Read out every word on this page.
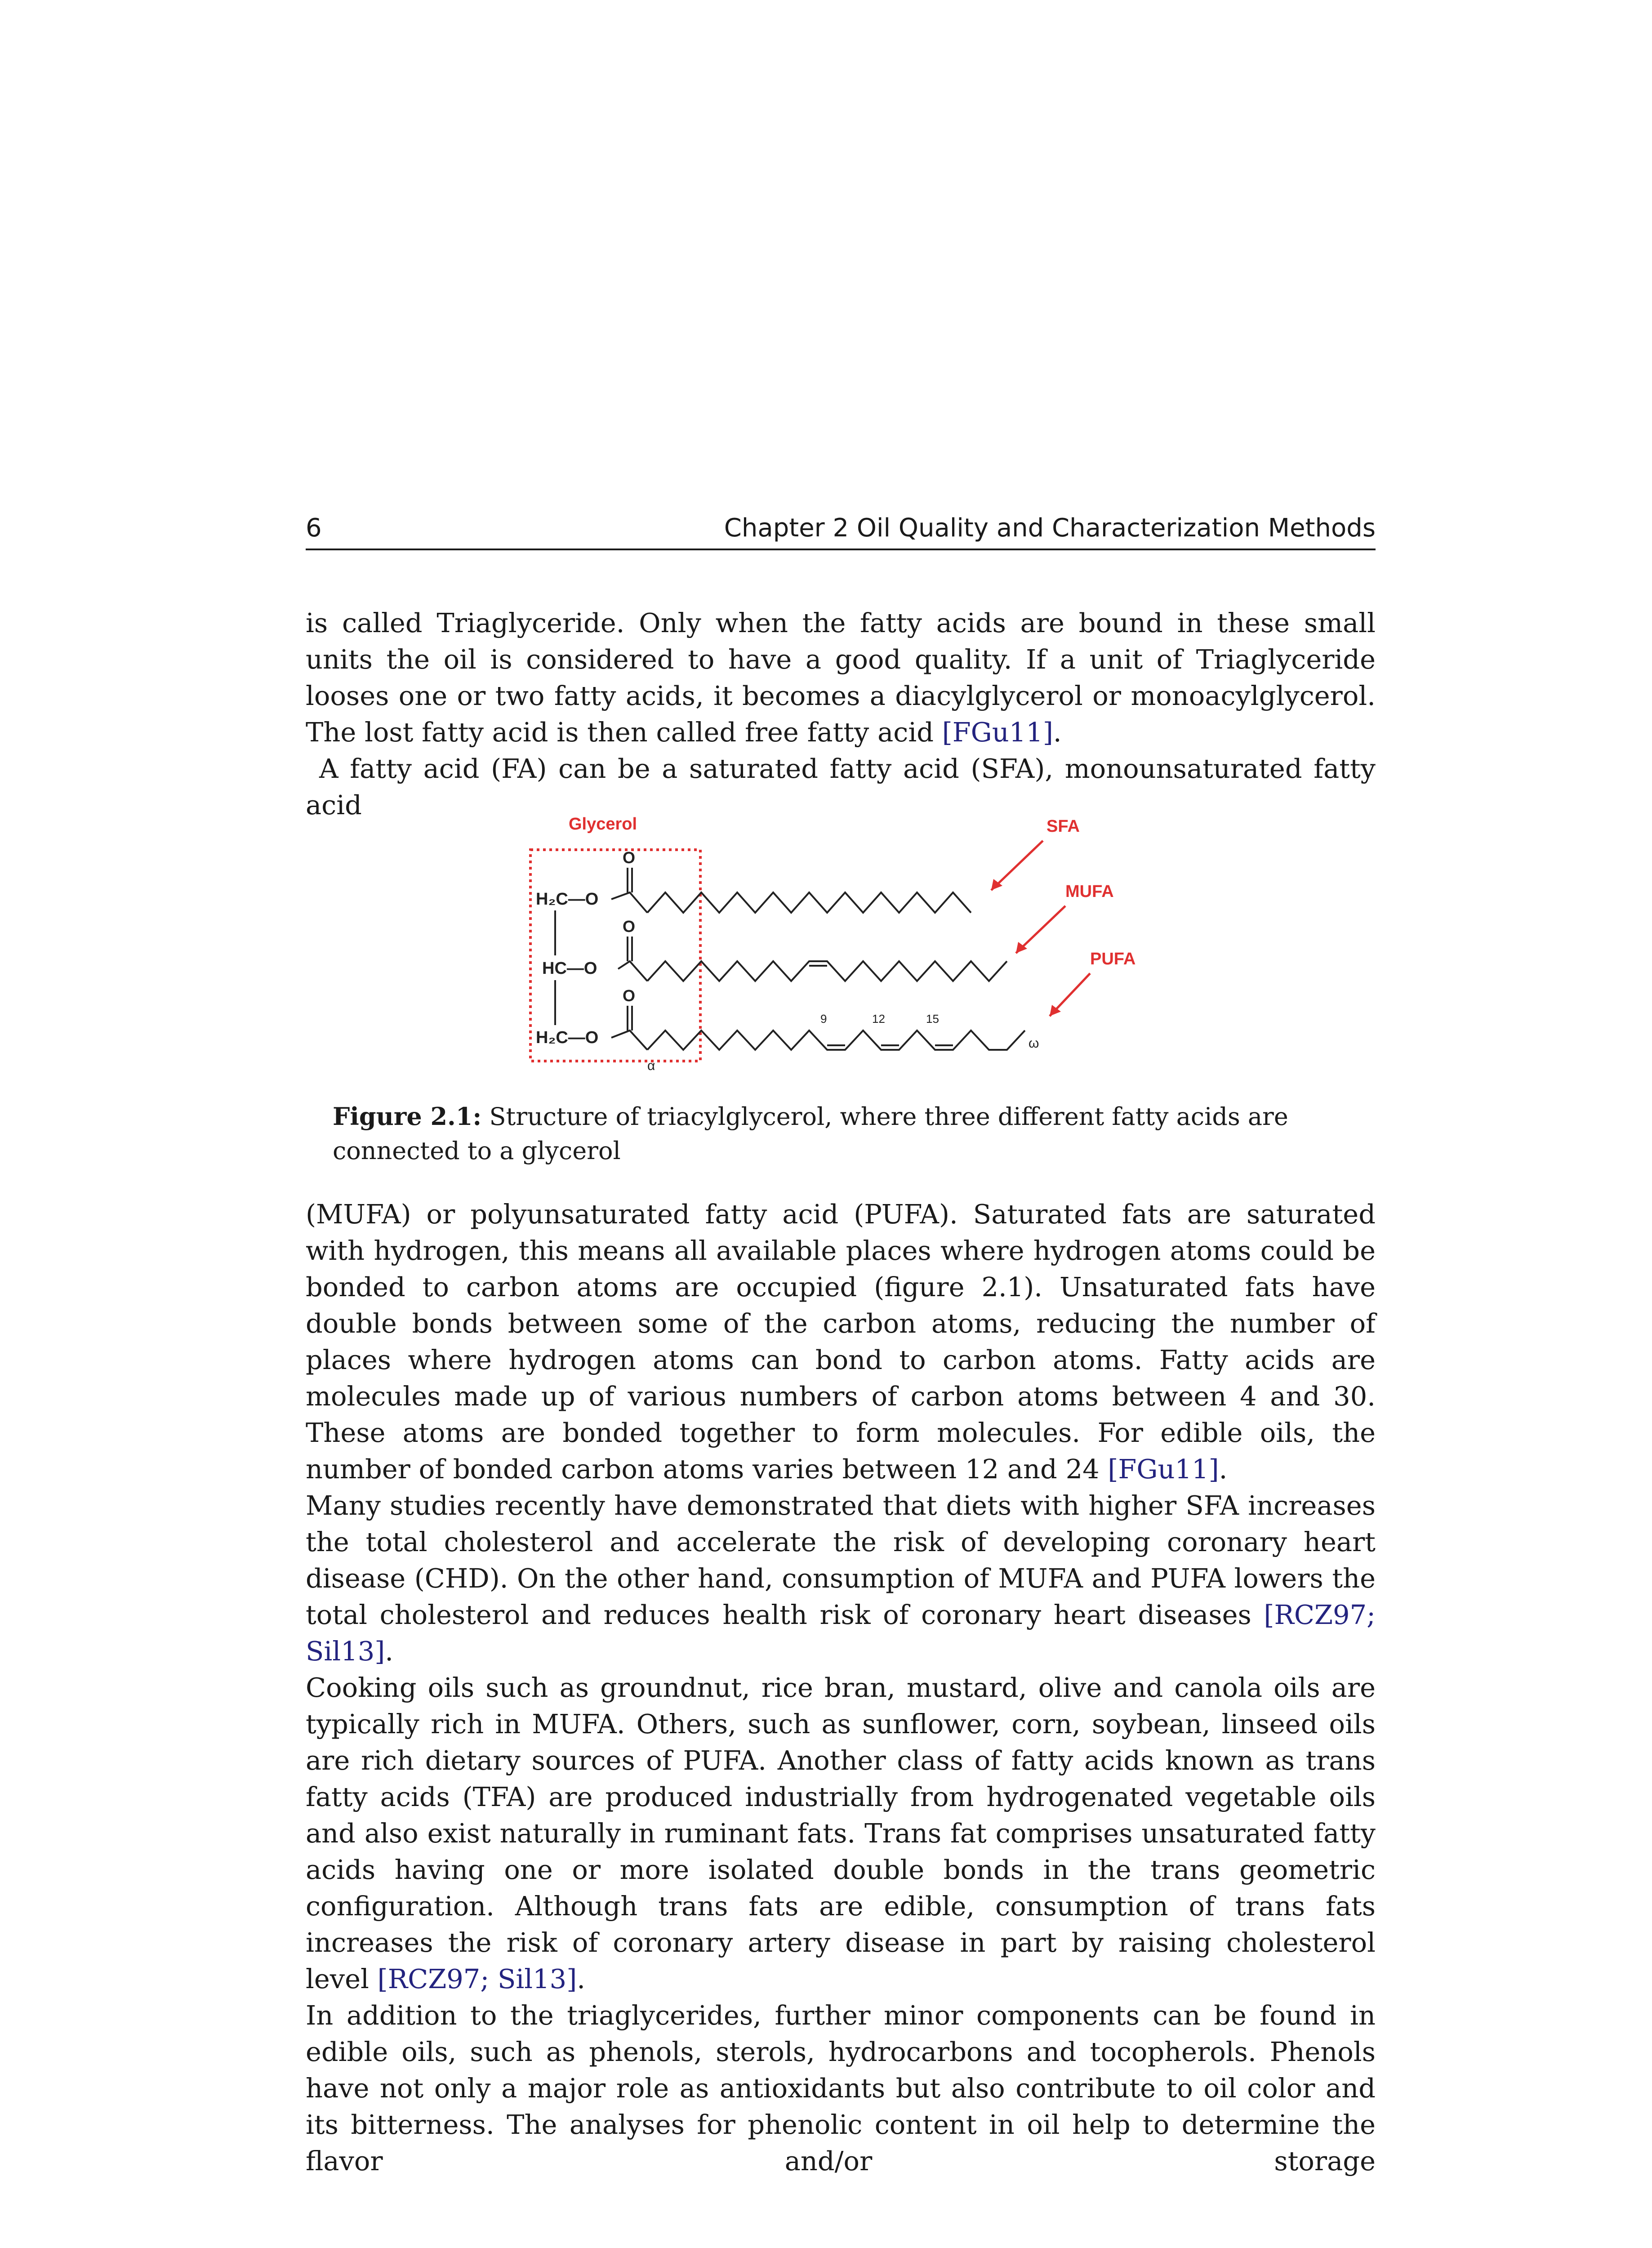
6	Chapter 2 Oil Quality and Characterization Methods

is called Triaglyceride. Only when the fatty acids are bound in these small units the oil is considered to have a good quality. If a unit of Triaglyceride looses one or two fatty acids, it becomes a diacylglycerol or monoacylglycerol. The lost fatty acid is then called free fatty acid [FGu11].

A fatty acid (FA) can be a saturated fatty acid (SFA), monounsaturated fatty acid

Glycerol
H₂C—O
HC—O
H₂C—O
O
O
O
9	12	15
α
ω
SFA
MUFA
PUFA

Figure 2.1: Structure of triacylglycerol, where three different fatty acids are connected to a glycerol

(MUFA) or polyunsaturated fatty acid (PUFA). Saturated fats are saturated with hydrogen, this means all available places where hydrogen atoms could be bonded to carbon atoms are occupied (figure 2.1). Unsaturated fats have double bonds between some of the carbon atoms, reducing the number of places where hydrogen atoms can bond to carbon atoms. Fatty acids are molecules made up of various numbers of carbon atoms between 4 and 30. These atoms are bonded together to form molecules. For edible oils, the number of bonded carbon atoms varies between 12 and 24 [FGu11].

Many studies recently have demonstrated that diets with higher SFA increases the total cholesterol and accelerate the risk of developing coronary heart disease (CHD). On the other hand, consumption of MUFA and PUFA lowers the total cholesterol and reduces health risk of coronary heart diseases [RCZ97; Sil13].

Cooking oils such as groundnut, rice bran, mustard, olive and canola oils are typically rich in MUFA. Others, such as sunflower, corn, soybean, linseed oils are rich dietary sources of PUFA. Another class of fatty acids known as trans fatty acids (TFA) are produced industrially from hydrogenated vegetable oils and also exist naturally in ruminant fats. Trans fat comprises unsaturated fatty acids having one or more isolated double bonds in the trans geometric configuration. Although trans fats are edible, consumption of trans fats increases the risk of coronary artery disease in part by raising cholesterol level [RCZ97; Sil13].

In addition to the triaglycerides, further minor components can be found in edible oils, such as phenols, sterols, hydrocarbons and tocopherols. Phenols have not only a major role as antioxidants but also contribute to oil color and its bitterness. The analyses for phenolic content in oil help to determine the flavor and/or storage
